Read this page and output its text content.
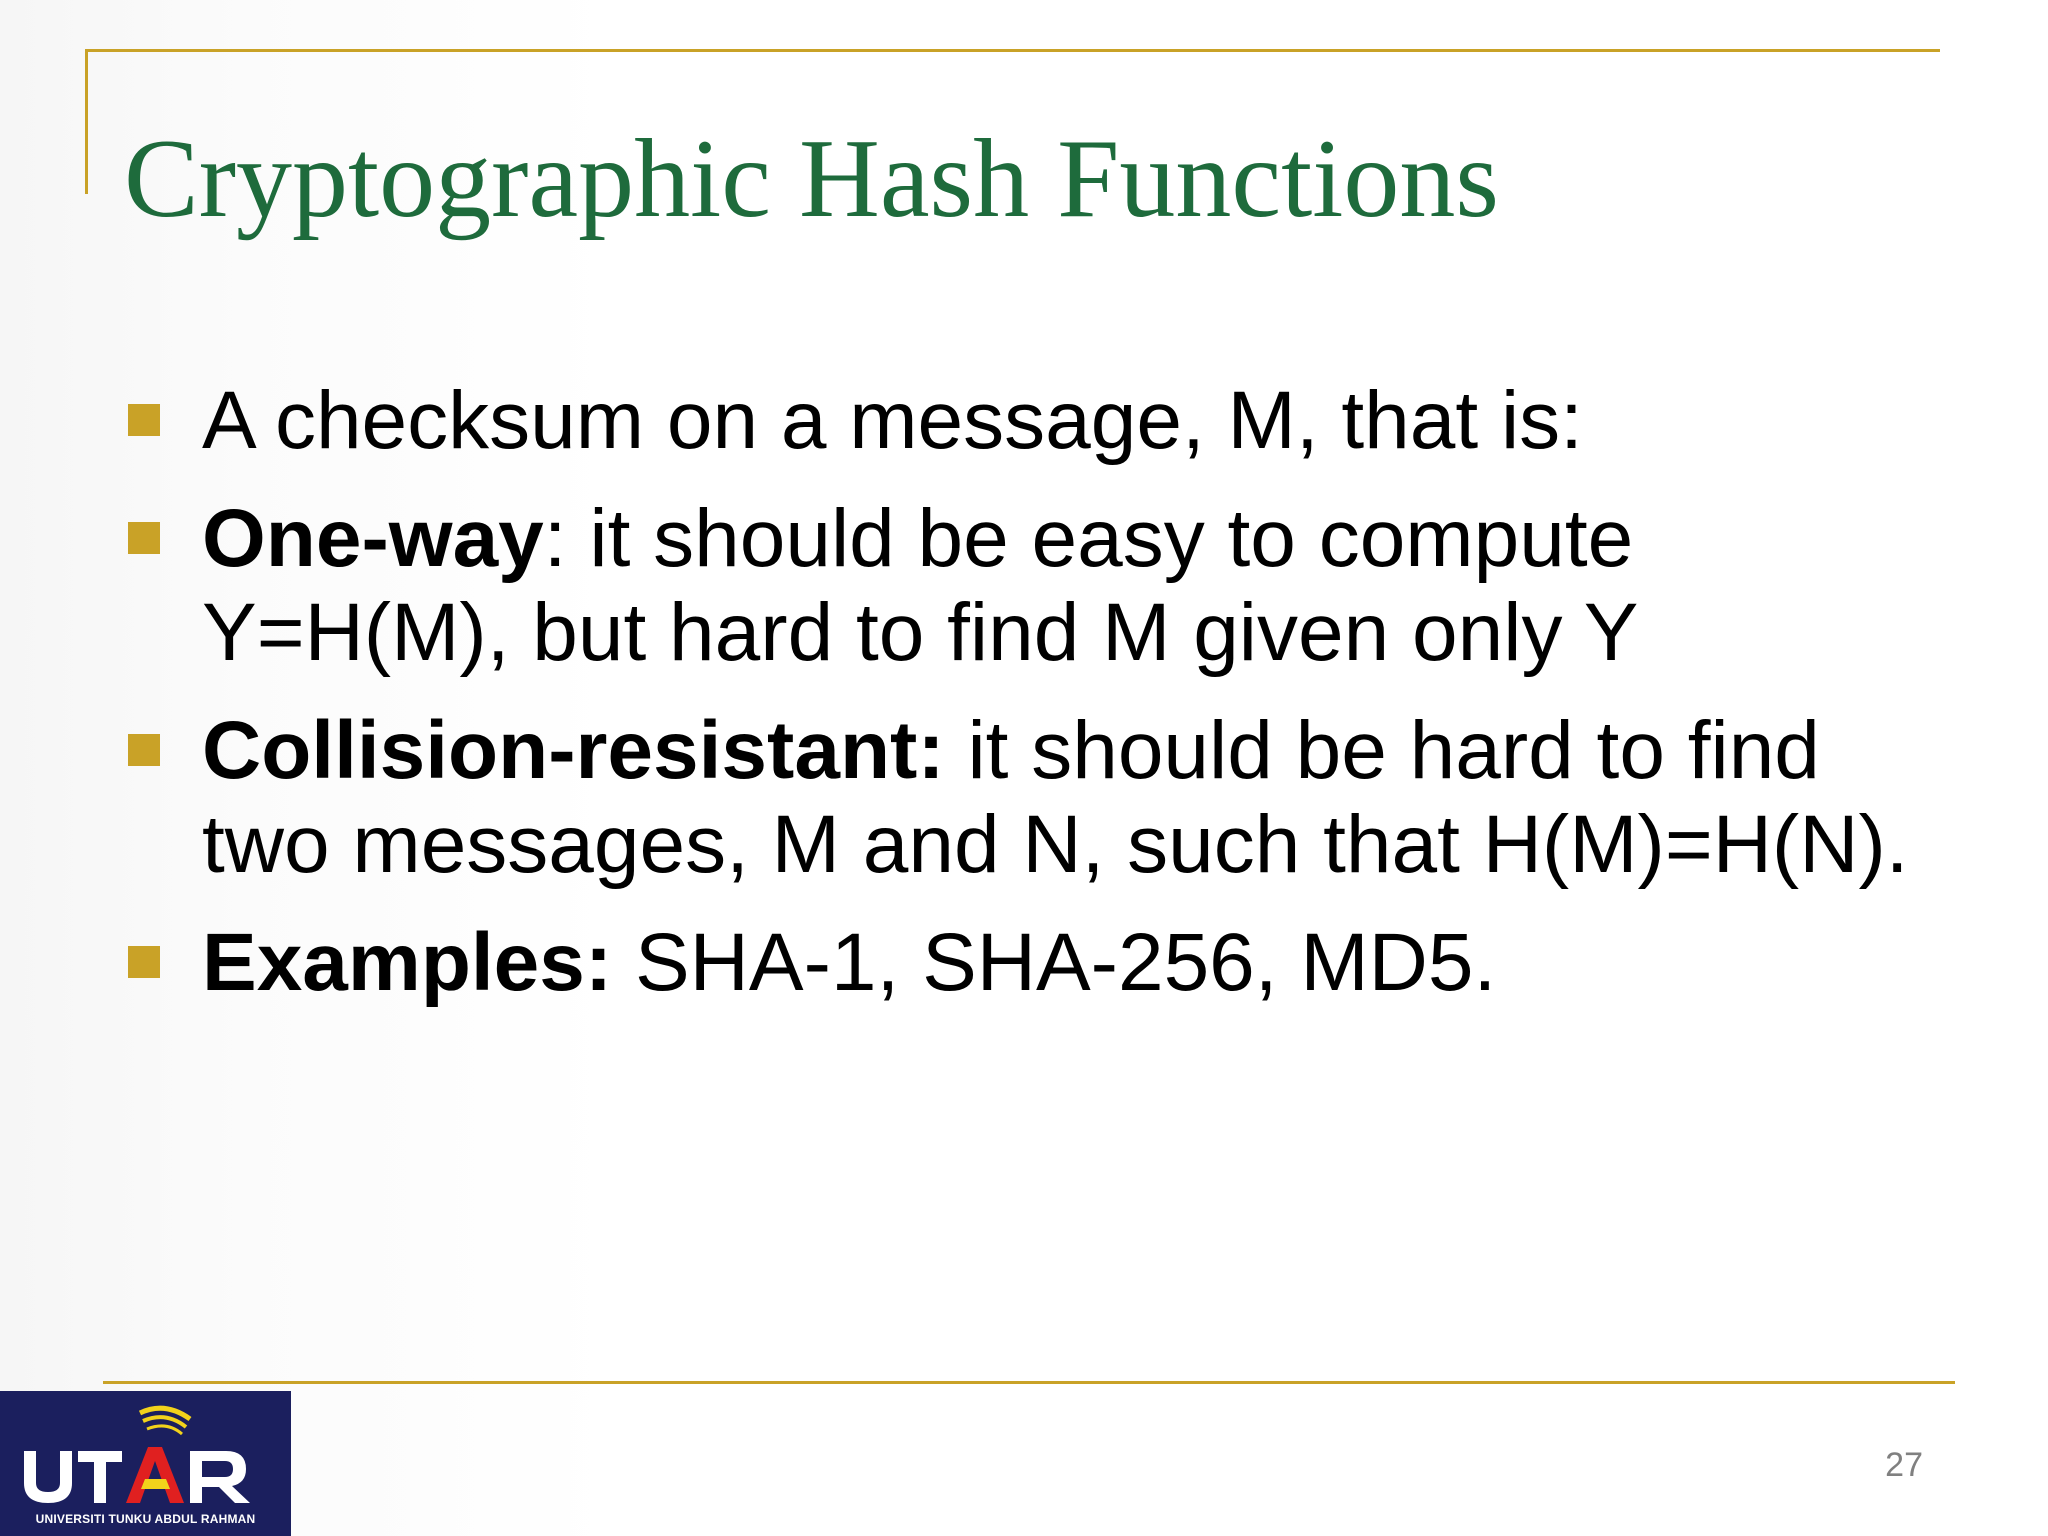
Cryptographic Hash Functions
A checksum on a message, M, that is:
One-way: it should be easy to compute Y=H(M), but hard to find M given only Y
Collision-resistant: it should be hard to find two messages, M and N, such that H(M)=H(N).
Examples: SHA-1, SHA-256, MD5.
UNIVERSITI TUNKU ABDUL RAHMAN
27
